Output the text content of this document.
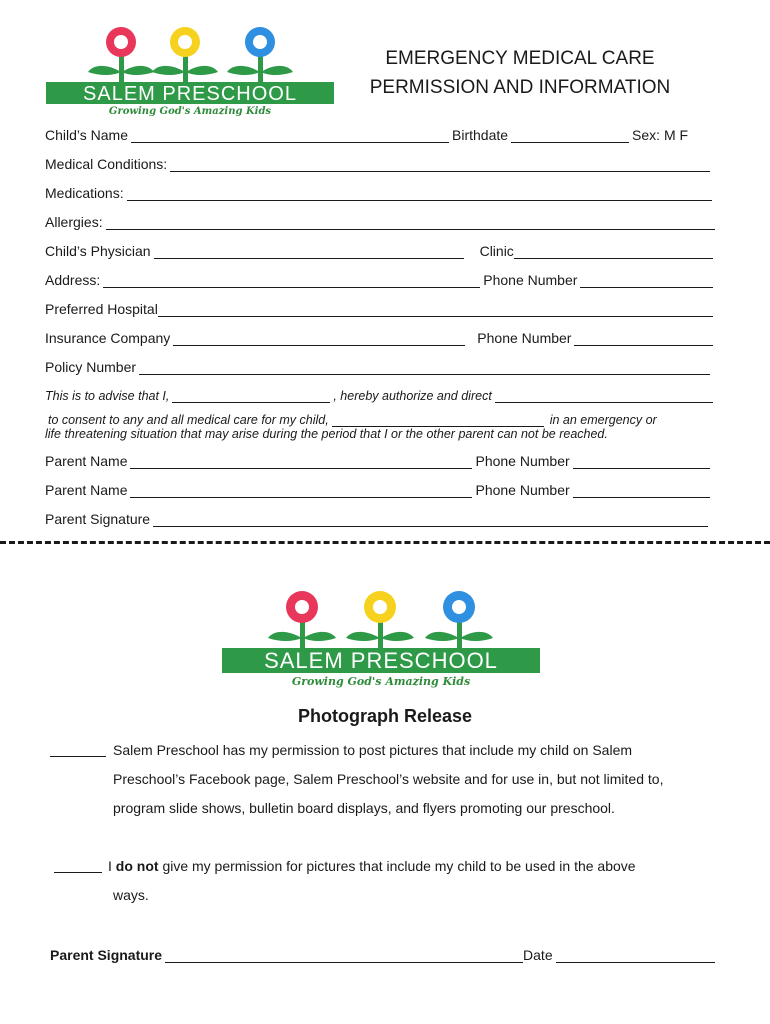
SALEM PRESCHOOL
Growing God's Amazing Kids
EMERGENCY MEDICAL CARE
PERMISSION AND INFORMATION
Child’s Name	Birthdate	Sex: M F
Medical Conditions:
Medications:
Allergies:
Child’s Physician	Clinic
Address:	Phone Number
Preferred Hospital
Insurance Company	Phone Number
Policy Number
This is to advise that I,	, hereby authorize and direct
to consent to any and all medical care for my child,	in an emergency or
life threatening situation that may arise during the period that I or the other parent can not be reached.
Parent Name	Phone Number
Parent Name	Phone Number
Parent Signature
SALEM PRESCHOOL
Growing God's Amazing Kids
Photograph Release
Salem Preschool has my permission to post pictures that include my child on Salem
Preschool’s Facebook page, Salem Preschool’s website and for use in, but not limited to,
program slide shows, bulletin board displays, and flyers promoting our preschool.
I do not give my permission for pictures that include my child to be used in the above
ways.
Parent Signature	Date
